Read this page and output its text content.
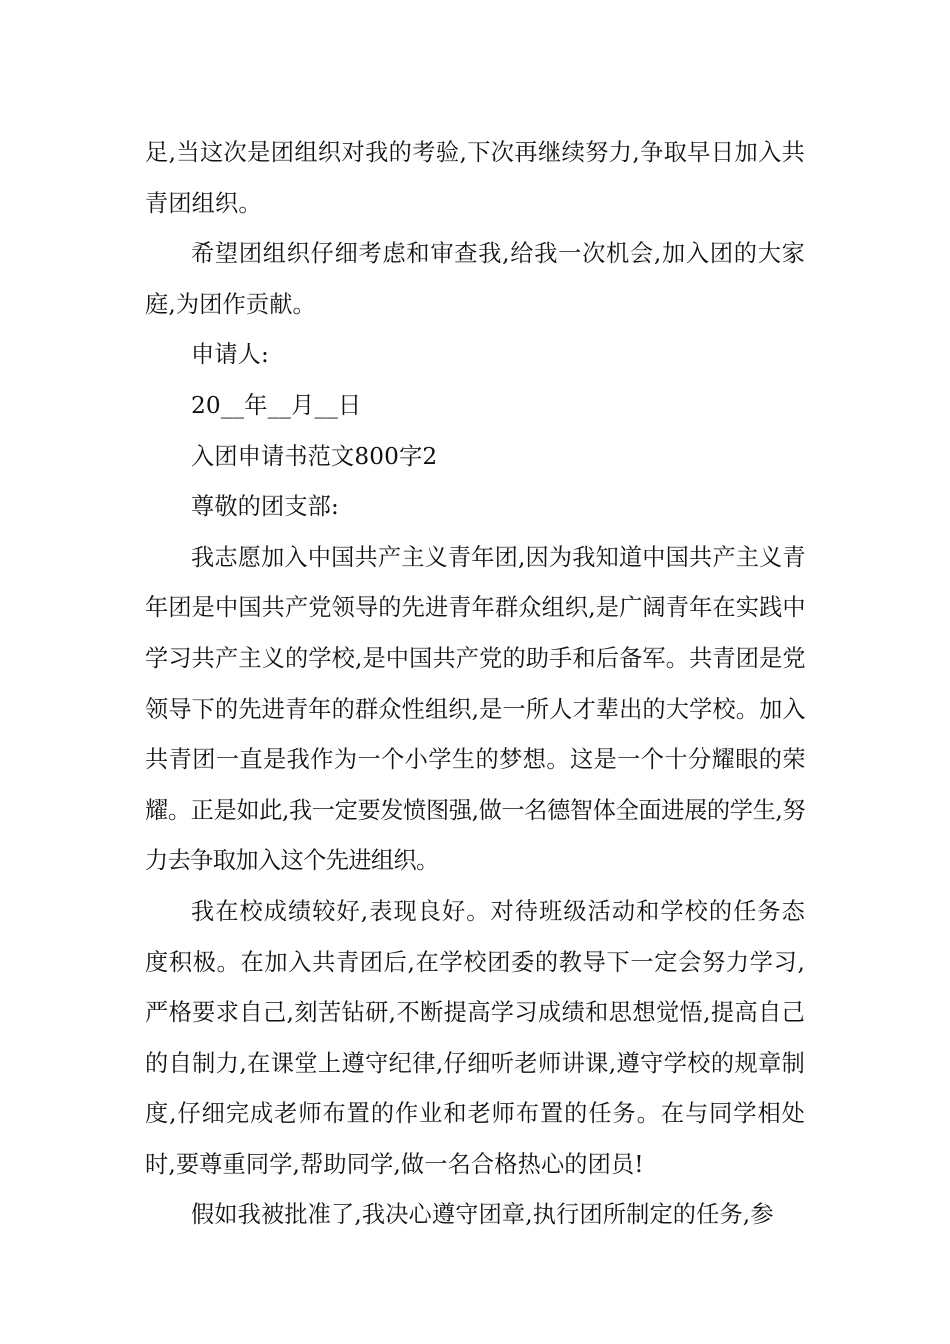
足,当这次是团组织对我的考验,下次再继续努力,争取早日加入共青团组织。

希望团组织仔细考虑和审查我,给我一次机会,加入团的大家庭,为团作贡献。

申请人:

20__年__月__日

入团申请书范文800字2

尊敬的团支部:

我志愿加入中国共产主义青年团,因为我知道中国共产主义青年团是中国共产党领导的先进青年群众组织,是广阔青年在实践中学习共产主义的学校,是中国共产党的助手和后备军。共青团是党领导下的先进青年的群众性组织,是一所人才辈出的大学校。加入共青团一直是我作为一个小学生的梦想。这是一个十分耀眼的荣耀。正是如此,我一定要发愤图强,做一名德智体全面进展的学生,努力去争取加入这个先进组织。

我在校成绩较好,表现良好。对待班级活动和学校的任务态度积极。在加入共青团后,在学校团委的教导下一定会努力学习,严格要求自己,刻苦钻研,不断提高学习成绩和思想觉悟,提高自己的自制力,在课堂上遵守纪律,仔细听老师讲课,遵守学校的规章制度,仔细完成老师布置的作业和老师布置的任务。在与同学相处时,要尊重同学,帮助同学,做一名合格热心的团员!

假如我被批准了,我决心遵守团章,执行团所制定的任务,参
